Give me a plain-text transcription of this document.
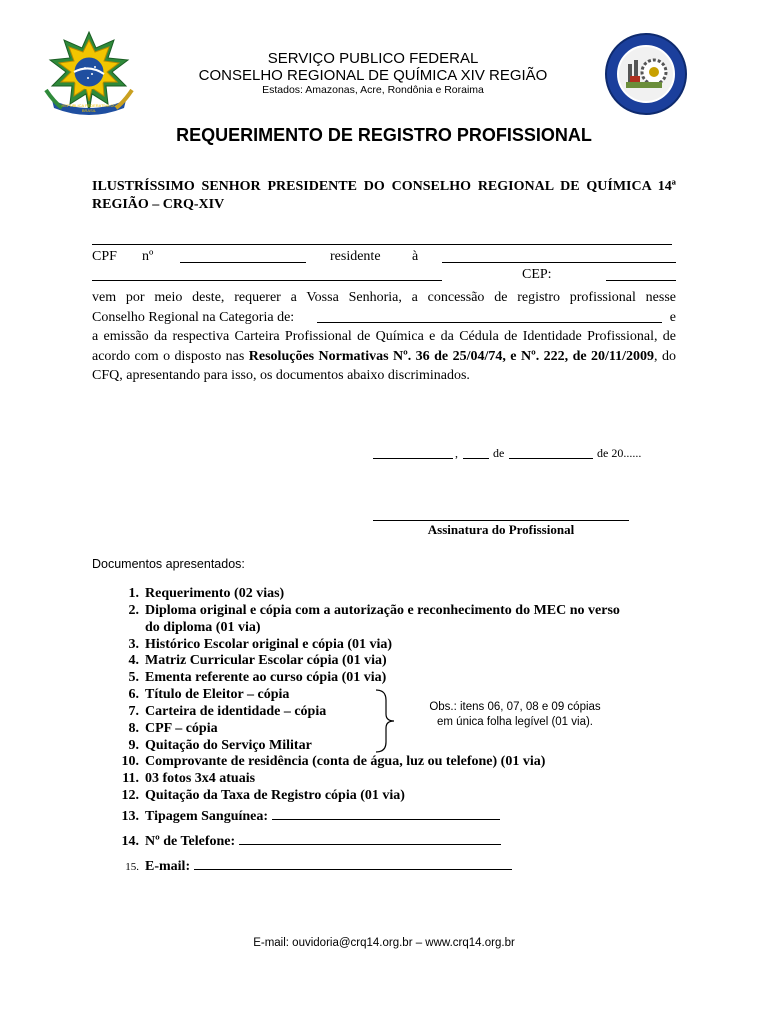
REPÚBLICA FEDERATIVA DO BRASIL
SERVIÇO PUBLICO FEDERAL
CONSELHO REGIONAL DE QUÍMICA XIV REGIÃO
Estados: Amazonas, Acre, Rondônia e Roraima
REQUERIMENTO DE REGISTRO PROFISSIONAL
ILUSTRÍSSIMO SENHOR PRESIDENTE DO CONSELHO REGIONAL DE QUÍMICA 14ª REGIÃO – CRQ-XIV
CPF nº	residente à
CEP:
vem por meio deste, requerer a Vossa Senhoria, a concessão de registro profissional nesse
Conselho Regional na Categoria de:	e
a emissão da respectiva Carteira Profissional de Química e da Cédula de Identidade Profissional, de acordo com o disposto nas Resoluções Normativas Nº. 36 de 25/04/74, e Nº. 222, de 20/11/2009, do CFQ, apresentando para isso, os documentos abaixo discriminados.
,	de	de 20......
Assinatura do Profissional
Documentos apresentados:
1. Requerimento (02 vias)
2. Diploma original e cópia com a autorização e reconhecimento do MEC no verso
do diploma (01 via)
3. Histórico Escolar original e cópia (01 via)
4. Matriz Curricular Escolar cópia (01 via)
5. Ementa referente ao curso cópia (01 via)
6. Título de Eleitor – cópia
7. Carteira de identidade – cópia
8. CPF – cópia
9. Quitação do Serviço Militar
10. Comprovante de residência (conta de água, luz ou telefone) (01 via)
11. 03 fotos 3x4 atuais
12. Quitação da Taxa de Registro cópia (01 via)
13. Tipagem Sanguínea:
14. Nº de Telefone:
15. E-mail:
Obs.: itens 06, 07, 08 e 09 cópias
em única folha legível (01 via).
E-mail: ouvidoria@crq14.org.br – www.crq14.org.br
